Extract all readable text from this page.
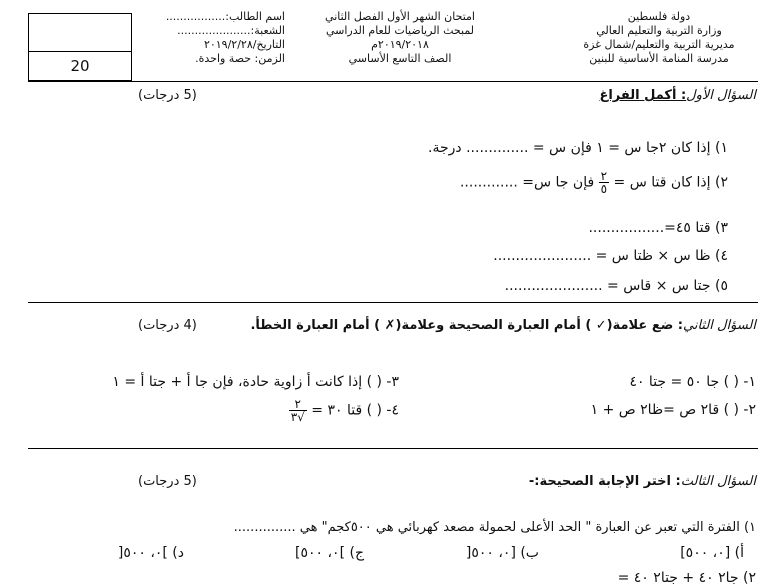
دولة فلسطين
وزارة التربية والتعليم العالي
مديرية التربية والتعليم/شمال غزة
مدرسة المنامة الأساسية للبنين
امتحان الشهر الأول الفصل الثاني
لمبحث الرياضيات للعام الدراسي
٢٠١٩/٢٠١٨م
الصف التاسع الأساسي
اسم الطالب:.................
الشعبة:.....................
التاريخ/٢٠١٩/٢/٢٨
الزمن: حصة واحدة.
20
السؤال الأول: أكمل الفراغ
(5 درجات)
١) إذا كان ٢جا س = ١ فإن س = .............. درجة.
٢) إذا كان قتا س =
$\frac{٢}{٥}$
فإن جا س= .............
٣) قتا ٤٥=.................
٤) ظا س × ظتا س = ......................
٥) جتا س × قاس = ......................
السؤال الثاني: ضع علامة(✓ ) أمام العبارة الصحيحة وعلامة(✗ ) أمام العبارة الخطأ.
(4 درجات)
١- ( ) جا ٥٠ = جتا ٤٠
٢- ( ) قا٢ ص =ظا٢ ص + ١
٣- ( ) إذا كانت أ زاوية حادة، فإن جا أ + جتا أ = ١
٤- ( ) قتا ٣٠ =
$\frac{٢}{√٣}$
السؤال الثالث: اختر الإجابة الصحيحة:-
(5 درجات)
١) الفترة التي تعبر عن العبارة " الحد الأعلى لحمولة مصعد كهربائي هي ٥٠٠كجم" هي ...............
أ) [٠، ٥٠٠]
ب) [٠، ٥٠٠[
ج) ]٠، ٥٠٠]
د) ]٠، ٥٠٠[
٢) جا٢ ٤٠ + جتا٢ ٤٠ =
